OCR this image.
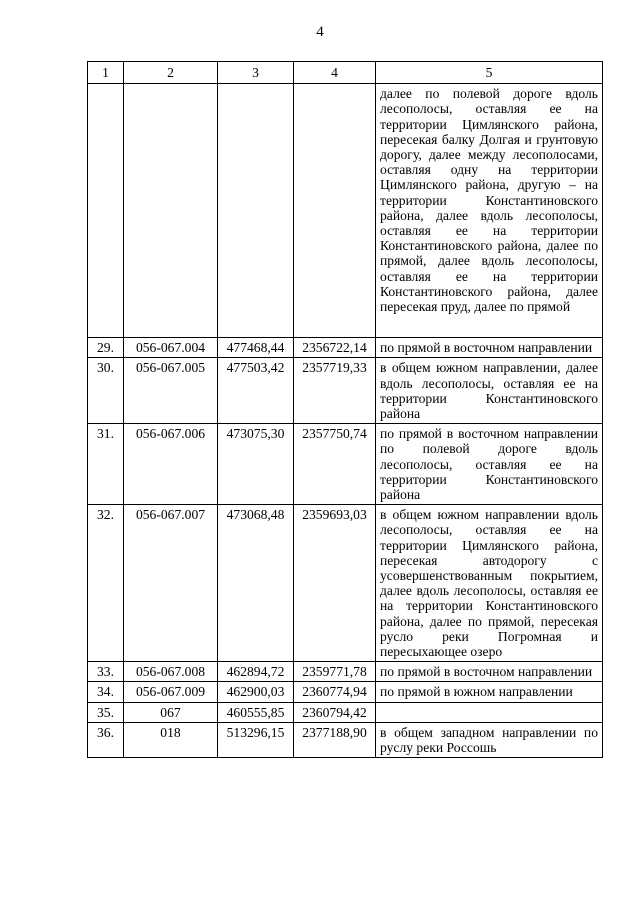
4
1	2	3	4	5
				далее по полевой дороге вдоль лесополосы, оставляя ее на территории Цимлянского района, пересекая балку Долгая и грунтовую дорогу, далее между лесополосами, оставляя одну на территории Цимлянского района, другую – на территории Константиновского района, далее вдоль лесополосы, оставляя ее на территории Константиновского района, далее по прямой, далее вдоль лесополосы, оставляя ее на территории Константиновского района, далее пересекая пруд, далее по прямой
29.	056-067.004	477468,44	2356722,14	по прямой в восточном направлении
30.	056-067.005	477503,42	2357719,33	в общем южном направлении, далее вдоль лесополосы, оставляя ее на территории Константиновского района
31.	056-067.006	473075,30	2357750,74	по прямой в восточном направлении по полевой дороге вдоль лесополосы, оставляя ее на территории Константиновского района
32.	056-067.007	473068,48	2359693,03	в общем южном направлении вдоль лесополосы, оставляя ее на территории Цимлянского района, пересекая автодорогу с усовершенствованным покрытием, далее вдоль лесополосы, оставляя ее на территории Константиновского района, далее по прямой, пересекая русло реки Погромная и пересыхающее озеро
33.	056-067.008	462894,72	2359771,78	по прямой в восточном направлении
34.	056-067.009	462900,03	2360774,94	по прямой в южном направлении
35.	067	460555,85	2360794,42	
36.	018	513296,15	2377188,90	в общем западном направлении по руслу реки Россошь
